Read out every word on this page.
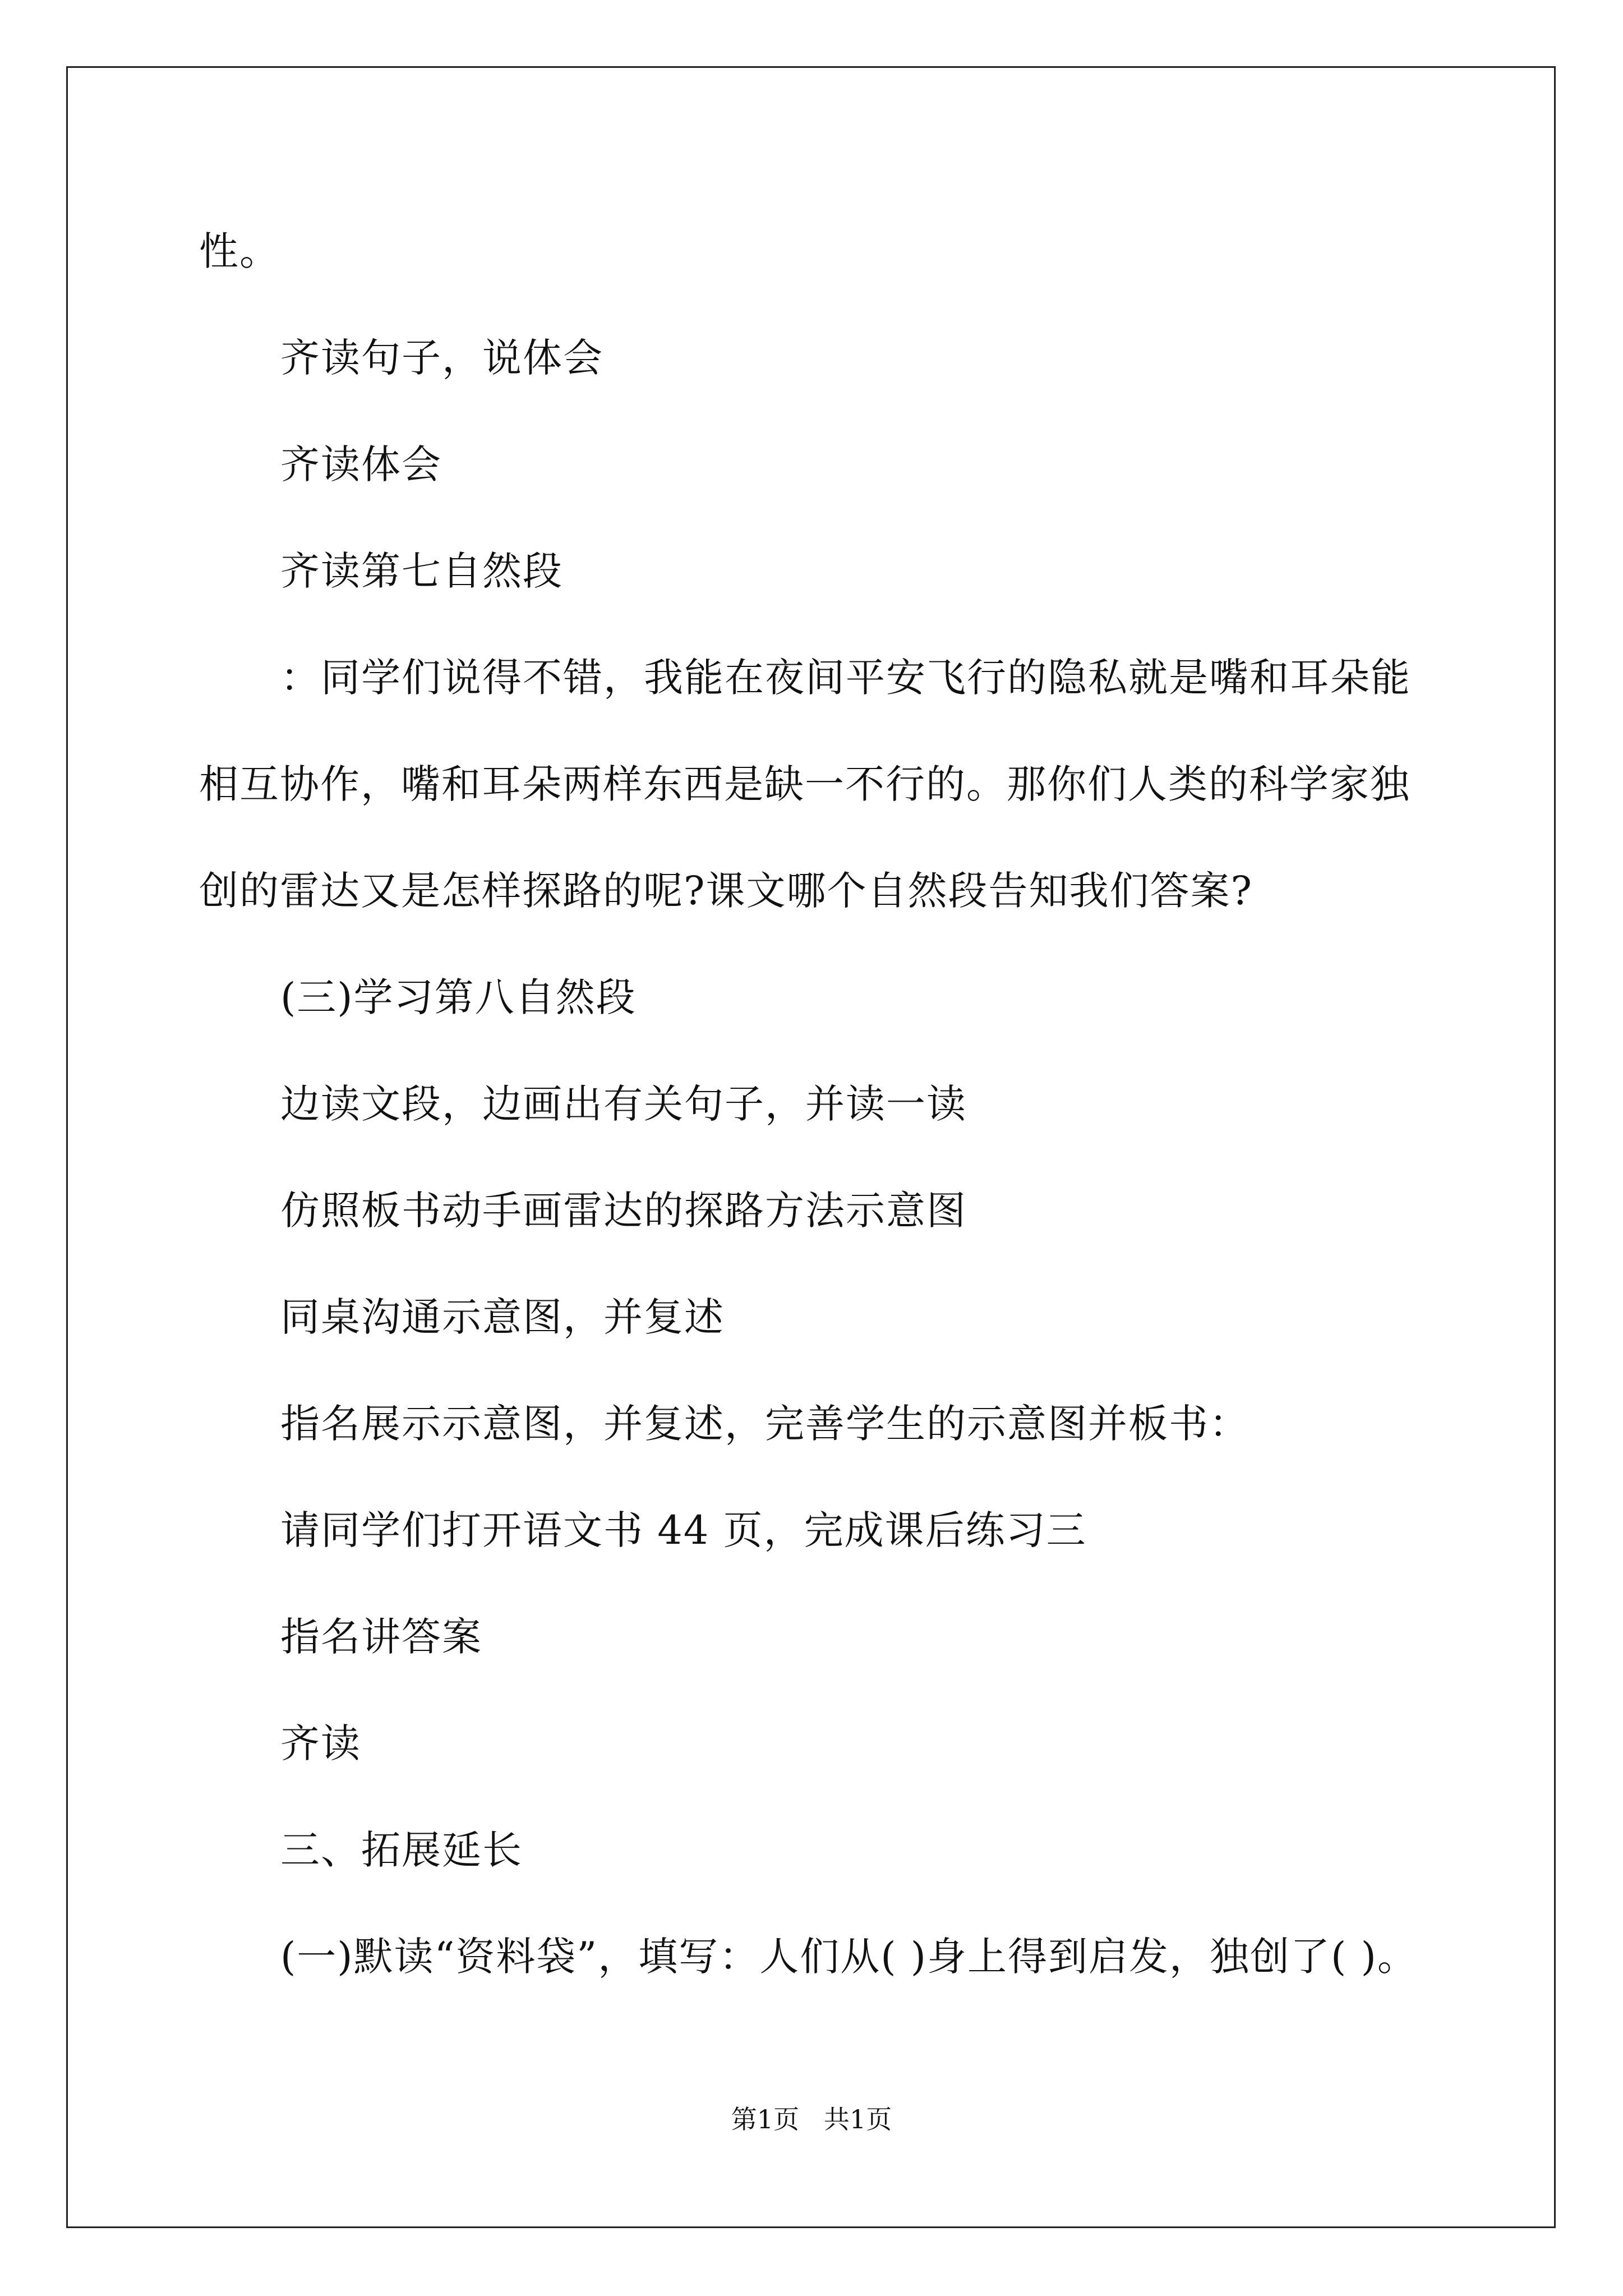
性。
齐读句子，说体会
齐读体会
齐读第七自然段
：同学们说得不错，我能在夜间平安飞行的隐私就是嘴和耳朵能
相互协作，嘴和耳朵两样东西是缺一不行的。那你们人类的科学家独
创的雷达又是怎样探路的呢?课文哪个自然段告知我们答案?
(三)学习第八自然段
边读文段，边画出有关句子，并读一读
仿照板书动手画雷达的探路方法示意图
同桌沟通示意图，并复述
指名展示示意图，并复述，完善学生的示意图并板书：
请同学们打开语文书 44 页，完成课后练习三
指名讲答案
齐读
三、拓展延长
(一)默读“资料袋”，填写：人们从( )身上得到启发，独创了( )。
第1页   共1页
